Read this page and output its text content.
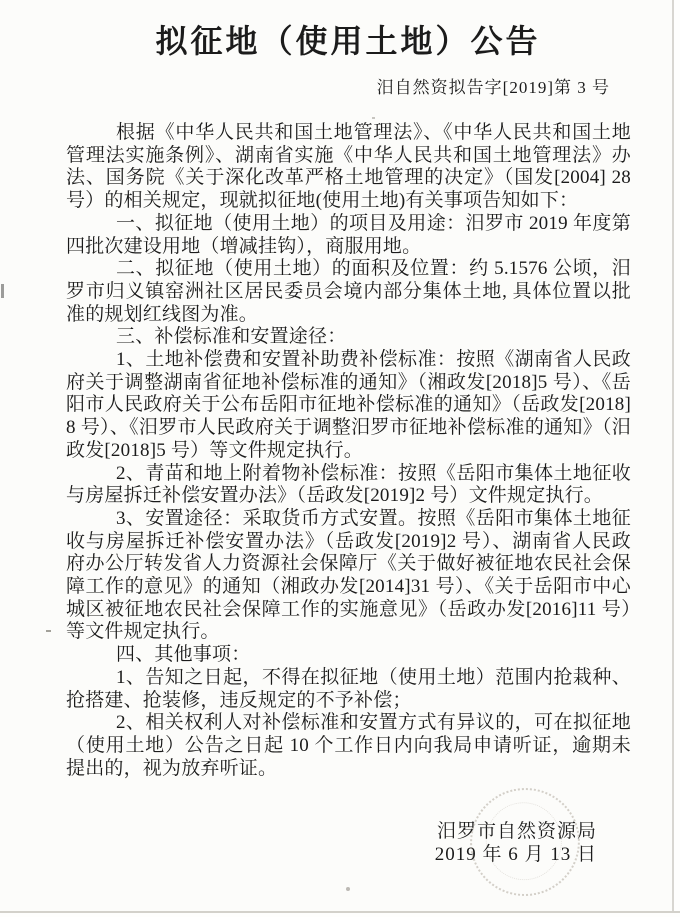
拟征地（使用土地）公告
汨自然资拟告字[2019]第 3 号

根据《中华人民共和国土地管理法》、《中华人民共和国土地管理法实施条例》、湖南省实施《中华人民共和国土地管理法》办法、国务院《关于深化改革严格土地管理的决定》（国发[2004] 28 号）的相关规定，现就拟征地(使用土地)有关事项告知如下：

一、拟征地（使用土地）的项目及用途：汨罗市 2019 年度第四批次建设用地（增减挂钩），商服用地。

二、拟征地（使用土地）的面积及位置：约 5.1576 公顷，汨罗市归义镇窑洲社区居民委员会境内部分集体土地, 具体位置以批准的规划红线图为准。

三、补偿标准和安置途径：

1、土地补偿费和安置补助费补偿标准：按照《湖南省人民政府关于调整湖南省征地补偿标准的通知》（湘政发[2018]5 号）、《岳阳市人民政府关于公布岳阳市征地补偿标准的通知》（岳政发[2018]8 号）、《汨罗市人民政府关于调整汨罗市征地补偿标准的通知》（汨政发[2018]5 号）等文件规定执行。

2、青苗和地上附着物补偿标准：按照《岳阳市集体土地征收与房屋拆迁补偿安置办法》（岳政发[2019]2 号）文件规定执行。

3、安置途径：采取货币方式安置。按照《岳阳市集体土地征收与房屋拆迁补偿安置办法》（岳政发[2019]2 号）、湖南省人民政府办公厅转发省人力资源社会保障厅《关于做好被征地农民社会保障工作的意见》的通知（湘政办发[2014]31 号）、《关于岳阳市中心城区被征地农民社会保障工作的实施意见》（岳政办发[2016]11 号）等文件规定执行。

四、其他事项：

1、告知之日起，不得在拟征地（使用土地）范围内抢栽种、抢搭建、抢装修，违反规定的不予补偿；

2、相关权利人对补偿标准和安置方式有异议的，可在拟征地（使用土地）公告之日起 10 个工作日内向我局申请听证，逾期未提出的，视为放弃听证。

汨罗市自然资源局
2019 年 6 月 13 日
